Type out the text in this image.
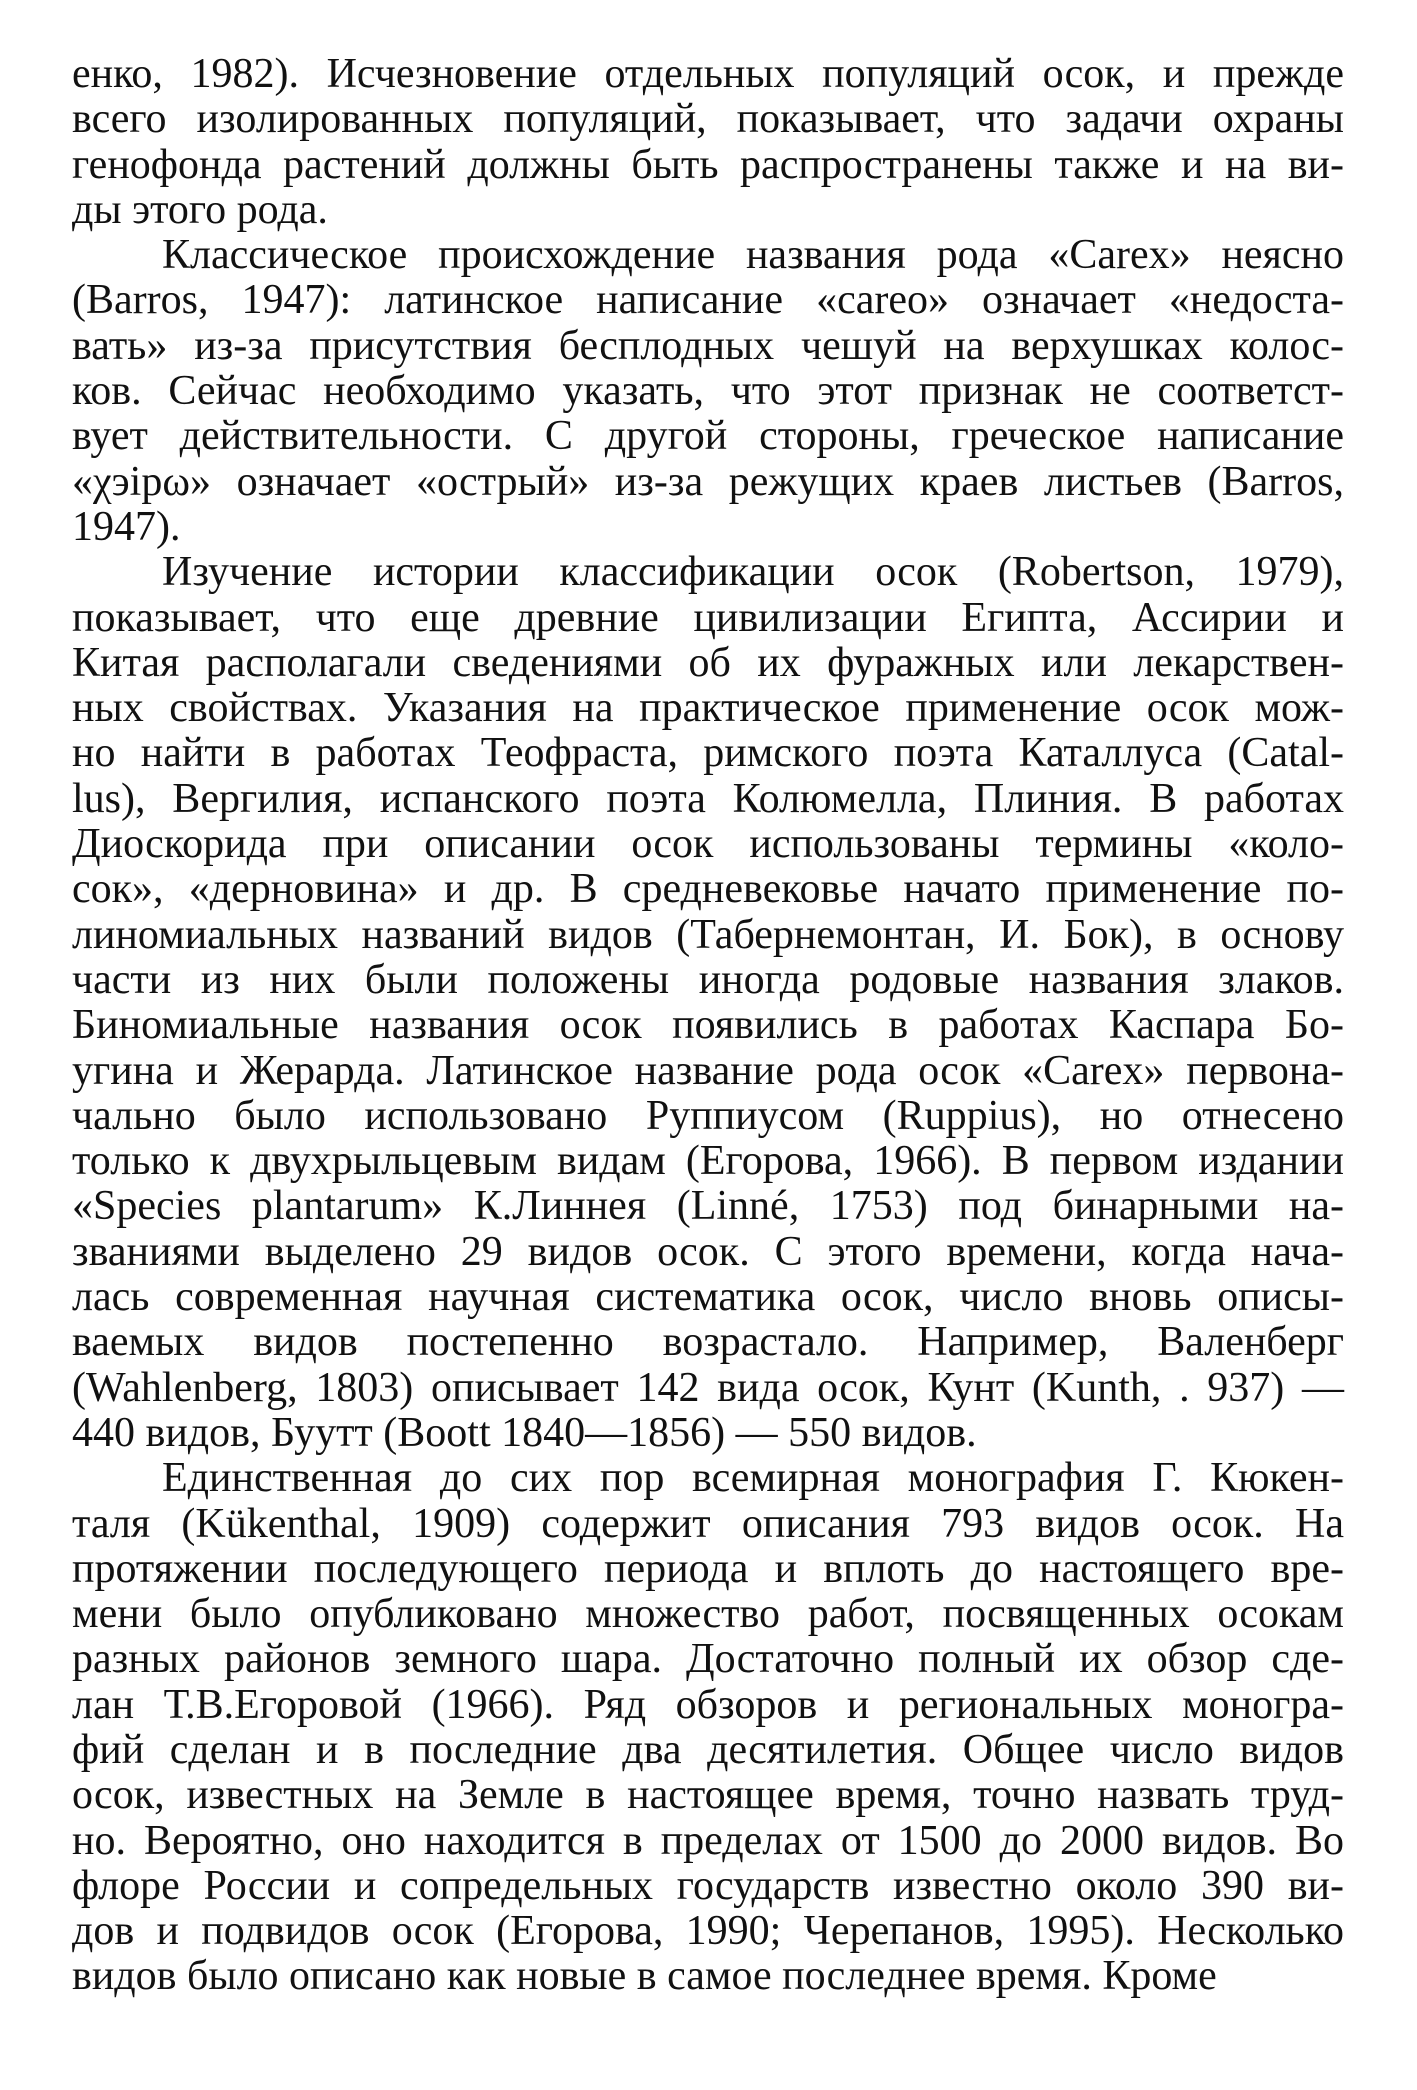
енко, 1982). Исчезновение отдельных популяций осок, и прежде
всего изолированных популяций, показывает, что задачи охраны
генофонда растений должны быть распространены также и на ви-
ды этого рода.
Классическое происхождение названия рода «Carex» неясно
(Barros, 1947): латинское написание «careo» означает «недоста-
вать» из-за присутствия бесплодных чешуй на верхушках колос-
ков. Сейчас необходимо указать, что этот признак не соответст-
вует действительности. С другой стороны, греческое написание
«χэiрω» означает «острый» из-за режущих краев листьев (Barros,
1947).
Изучение истории классификации осок (Robertson, 1979),
показывает, что еще древние цивилизации Египта, Ассирии и
Китая располагали сведениями об их фуражных или лекарствен-
ных свойствах. Указания на практическое применение осок мож-
но найти в работах Теофраста, римского поэта Каталлуса (Catal-
lus), Вергилия, испанского поэта Колюмелла, Плиния. В работах
Диоскорида при описании осок использованы термины «коло-
сок», «дерновина» и др. В средневековье начато применение по-
линомиальных названий видов (Табернемонтан, И. Бок), в основу
части из них были положены иногда родовые названия злаков.
Биномиальные названия осок появились в работах Каспара Бо-
угина и Жерарда. Латинское название рода осок «Carex» первона-
чально было использовано Руппиусом (Ruppius), но отнесено
только к двухрыльцевым видам (Егорова, 1966). В первом издании
«Species plantarum» К.Линнея (Linné, 1753) под бинарными на-
званиями выделено 29 видов осок. С этого времени, когда нача-
лась современная научная систематика осок, число вновь описы-
ваемых видов постепенно возрастало. Например, Валенберг
(Wahlenberg, 1803) описывает 142 вида осок, Кунт (Kunth, . 937) —
440 видов, Буутт (Boott 1840—1856) — 550 видов.
Единственная до сих пор всемирная монография Г. Кюкен-
таля (Kükenthal, 1909) содержит описания 793 видов осок. На
протяжении последующего периода и вплоть до настоящего вре-
мени было опубликовано множество работ, посвященных осокам
разных районов земного шара. Достаточно полный их обзор сде-
лан Т.В.Егоровой (1966). Ряд обзоров и региональных моногра-
фий сделан и в последние два десятилетия. Общее число видов
осок, известных на Земле в настоящее время, точно назвать труд-
но. Вероятно, оно находится в пределах от 1500 до 2000 видов. Во
флоре России и сопредельных государств известно около 390 ви-
дов и подвидов осок (Егорова, 1990; Черепанов, 1995). Несколько
видов было описано как новые в самое последнее время. Кроме
